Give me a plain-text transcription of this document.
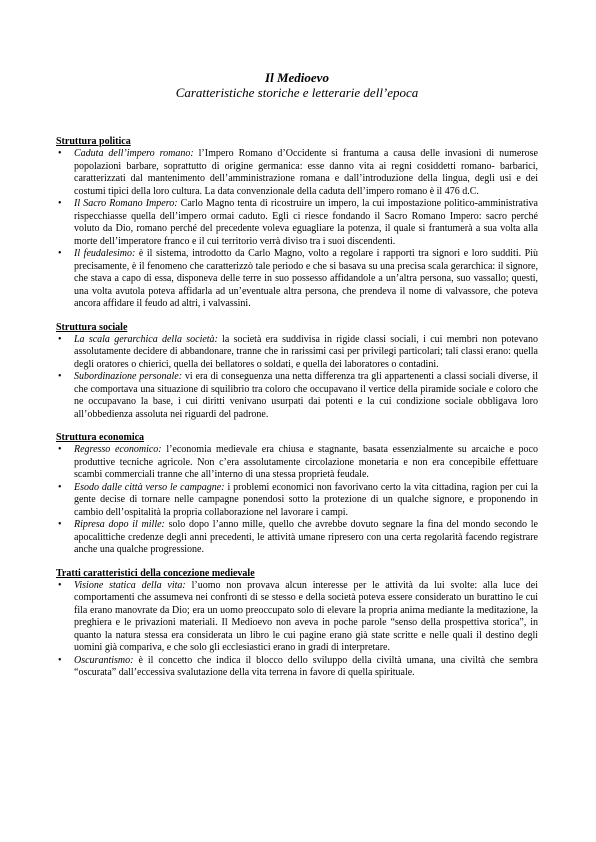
Il Medioevo
Caratteristiche storiche e letterarie dell’epoca
Struttura politica
• Caduta dell’impero romano: l’Impero Romano d’Occidente si frantuma a causa delle invasioni di numerose popolazioni barbare, soprattutto di origine germanica: esse danno vita ai regni cosiddetti romano- barbarici, caratterizzati dal mantenimento dell’amministrazione romana e dall’introduzione della lingua, degli usi e dei costumi tipici della loro cultura. La data convenzionale della caduta dell’impero romano è il 476 d.C.
• Il Sacro Romano Impero: Carlo Magno tenta di ricostruire un impero, la cui impostazione politico-amministrativa rispecchiasse quella dell’impero ormai caduto. Egli ci riesce fondando il Sacro Romano Impero: sacro perché voluto da Dio, romano perché del precedente voleva eguagliare la potenza, il quale si frantumerà a sua volta alla morte dell’imperatore franco e il cui territorio verrà diviso tra i suoi discendenti.
• Il feudalesimo: è il sistema, introdotto da Carlo Magno, volto a regolare i rapporti tra signori e loro sudditi. Più precisamente, è il fenomeno che caratterizzò tale periodo e che si basava su una precisa scala gerarchica: il signore, che stava a capo di essa, disponeva delle terre in suo possesso affidandole a un’altra persona, suo vassallo; questi, una volta avutola poteva affidarla ad un’eventuale altra persona, che prendeva il nome di valvassore, che poteva ancora affidare il feudo ad altri, i valvassini.
Struttura sociale
• La scala gerarchica della società: la società era suddivisa in rigide classi sociali, i cui membri non potevano assolutamente decidere di abbandonare, tranne che in rarissimi casi per privilegi particolari; tali classi erano: quella degli oratores o chierici, quella dei bellatores o soldati, e quella dei laboratores o contadini.
• Subordinazione personale: vi era di conseguenza una netta differenza tra gli appartenenti a classi sociali diverse, il che comportava una situazione di squilibrio tra coloro che occupavano il vertice della piramide sociale e coloro che ne occupavano la base, i cui diritti venivano usurpati dai potenti e la cui condizione sociale obbligava loro all’obbedienza assoluta nei riguardi del padrone.
Struttura economica
• Regresso economico: l’economia medievale era chiusa e stagnante, basata essenzialmente su arcaiche e poco produttive tecniche agricole. Non c’era assolutamente circolazione monetaria e non era concepibile effettuare scambi commerciali tranne che all’interno di una stessa proprietà feudale.
• Esodo dalle città verso le campagne: i problemi economici non favorivano certo la vita cittadina, ragion per cui la gente decise di tornare nelle campagne ponendosi sotto la protezione di un qualche signore, e proponendo in cambio dell’ospitalità la propria collaborazione nel lavorare i campi.
• Ripresa dopo il mille: solo dopo l’anno mille, quello che avrebbe dovuto segnare la fina del mondo secondo le apocalittiche credenze degli anni precedenti, le attività umane ripresero con una certa regolarità facendo registrare anche una qualche progressione.
Tratti caratteristici della concezione medievale
• Visione statica della vita: l’uomo non provava alcun interesse per le attività da lui svolte: alla luce dei comportamenti che assumeva nei confronti di se stesso e della società poteva essere considerato un burattino le cui fila erano manovrate da Dio; era un uomo preoccupato solo di elevare la propria anima mediante la meditazione, la preghiera e le privazioni materiali. Il Medioevo non aveva in poche parole “senso della prospettiva storica”, in quanto la natura stessa era considerata un libro le cui pagine erano già state scritte e nelle quali il destino degli uomini già compariva, e che solo gli ecclesiastici erano in gradi di interpretare.
• Oscurantismo: è il concetto che indica il blocco dello sviluppo della civiltà umana, una civiltà che sembra “oscurata” dall’eccessiva svalutazione della vita terrena in favore di quella spirituale.
